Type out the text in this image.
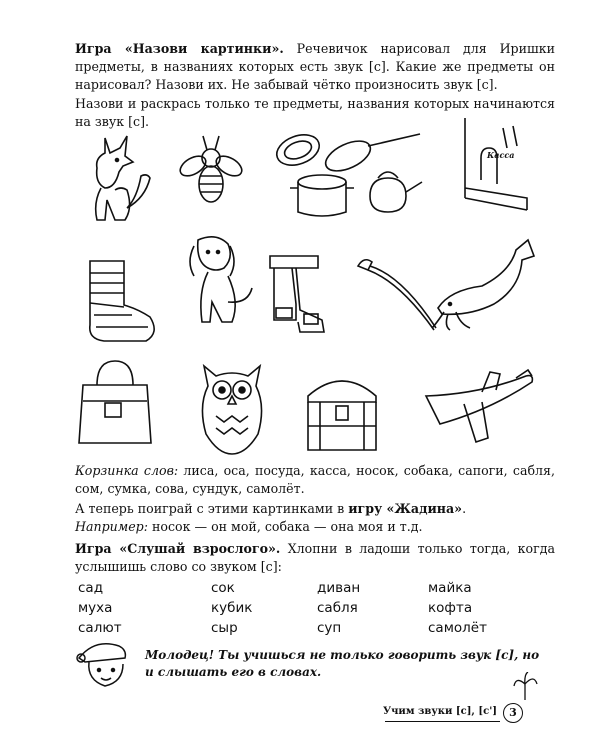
Игра «Назови картинки». Речевичок нарисовал для Иришки предметы, в названиях которых есть звук [с]. Какие же предметы он нарисовал? Назови их. Не забывай чётко произносить звук [с].

Назови и раскрась только те предметы, названия которых начинаются на звук [с].

Касса

Корзинка слов: лиса, оса, посуда, касса, носок, собака, сапоги, сабля, сом, сумка, сова, сундук, самолёт.

А теперь поиграй с этими картинками в игру «Жадина».
Например: носок — он мой, собака — она моя и т.д.

Игра «Слушай взрослого». Хлопни в ладоши только тогда, когда услышишь слово со звуком [с]:

сад
муха
салют
сок
кубик
сыр
диван
сабля
суп
майка
кофта
самолёт
Молодец! Ты учишься не только говорить звук [с], но и слышать его в словах.
Учим звуки [с], [с']	3
